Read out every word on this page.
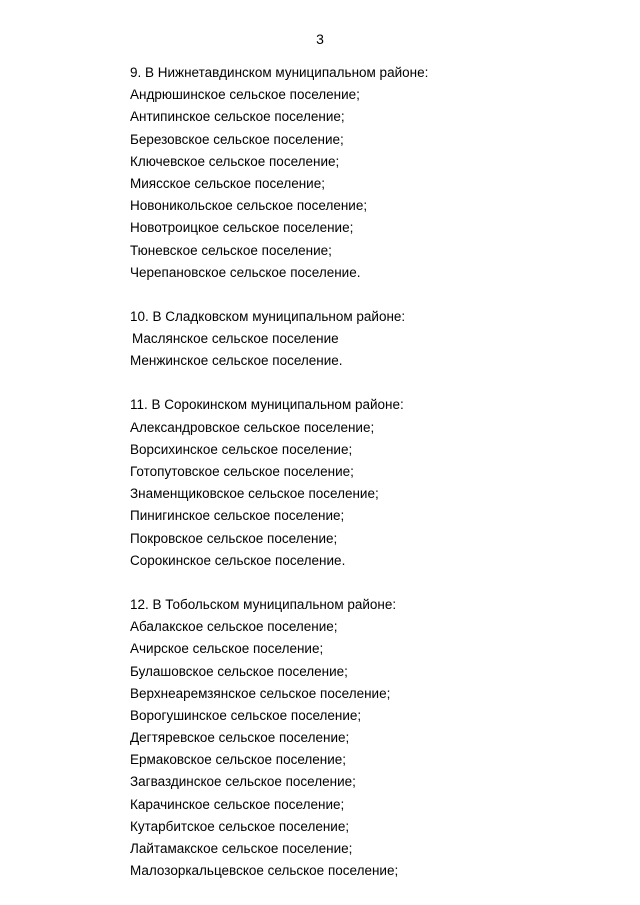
3

9. В Нижнетавдинском муниципальном районе:

Андрюшинское сельское поселение;

Антипинское сельское поселение;

Березовское сельское поселение;

Ключевское сельское поселение;

Миясское сельское поселение;

Новоникольское сельское поселение;

Новотроицкое сельское поселение;

Тюневское сельское поселение;

Черепановское сельское поселение.

10. В Сладковском муниципальном районе:

Маслянское сельское поселение

Менжинское сельское поселение.

11. В Сорокинском муниципальном районе:

Александровское сельское поселение;

Ворсихинское сельское поселение;

Готопутовское сельское поселение;

Знаменщиковское сельское поселение;

Пинигинское сельское поселение;

Покровское сельское поселение;

Сорокинское сельское поселение.

12. В Тобольском муниципальном районе:

Абалакское сельское поселение;

Ачирское сельское поселение;

Булашовское сельское поселение;

Верхнеаремзянское сельское поселение;

Ворогушинское сельское поселение;

Дегтяревское сельское поселение;

Ермаковское сельское поселение;

Загваздинское сельское поселение;

Карачинское сельское поселение;

Кутарбитское сельское поселение;

Лайтамакское сельское поселение;

Малозоркальцевское сельское поселение;
